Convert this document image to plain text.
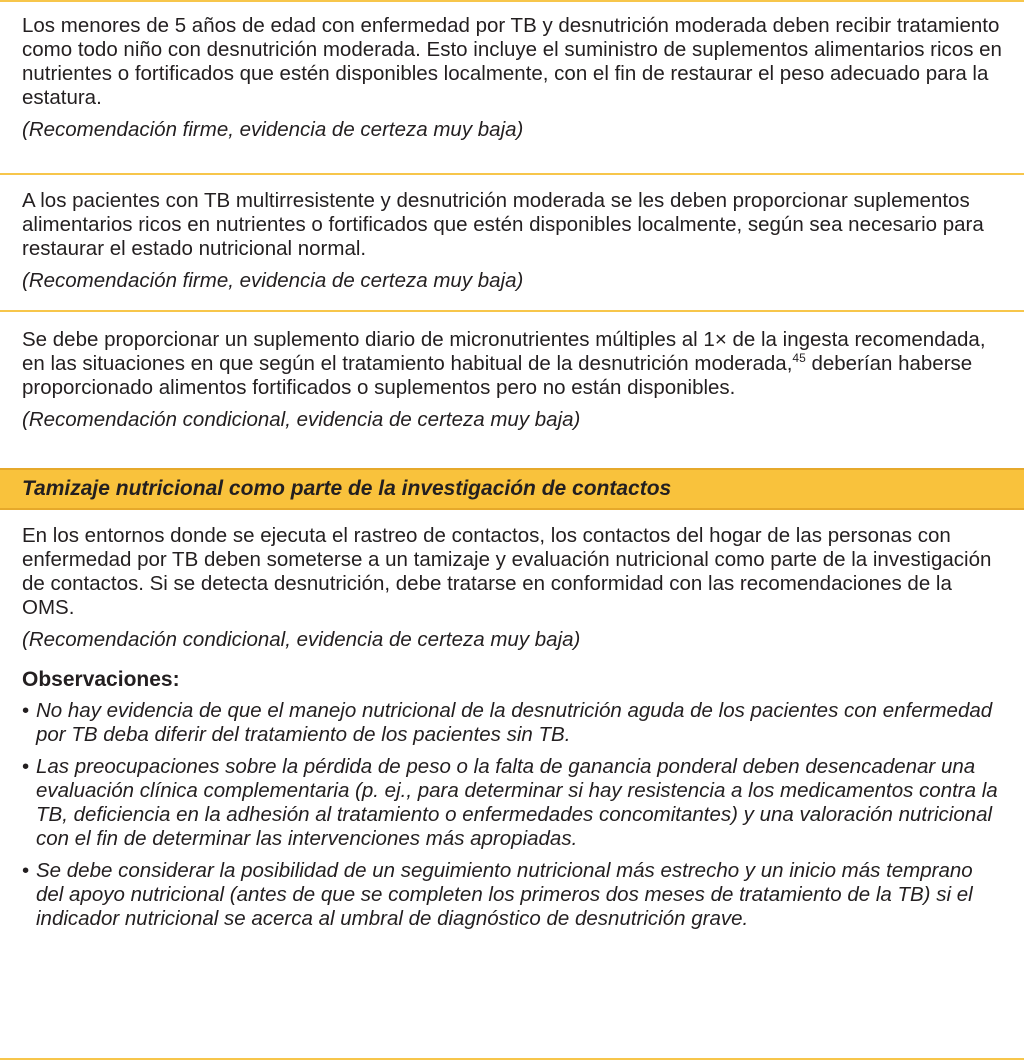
Los menores de 5 años de edad con enfermedad por TB y desnutrición moderada deben recibir tratamiento como todo niño con desnutrición moderada. Esto incluye el suministro de suplementos alimentarios ricos en nutrientes o fortificados que estén disponibles localmente, con el fin de restaurar el peso adecuado para la estatura.

(Recomendación firme, evidencia de certeza muy baja)

A los pacientes con TB multirresistente y desnutrición moderada se les deben proporcionar suplementos alimentarios ricos en nutrientes o fortificados que estén disponibles localmente, según sea necesario para restaurar el estado nutricional normal.

(Recomendación firme, evidencia de certeza muy baja)

Se debe proporcionar un suplemento diario de micronutrientes múltiples al 1× de la ingesta recomendada, en las situaciones en que según el tratamiento habitual de la desnutrición moderada,$^{45}$ deberían haberse proporcionado alimentos fortificados o suplementos pero no están disponibles.

(Recomendación condicional, evidencia de certeza muy baja)

Tamizaje nutricional como parte de la investigación de contactos

En los entornos donde se ejecuta el rastreo de contactos, los contactos del hogar de las personas con enfermedad por TB deben someterse a un tamizaje y evaluación nutricional como parte de la investigación de contactos. Si se detecta desnutrición, debe tratarse en conformidad con las recomendaciones de la OMS.

(Recomendación condicional, evidencia de certeza muy baja)

Observaciones:

• No hay evidencia de que el manejo nutricional de la desnutrición aguda de los pacientes con enfermedad por TB deba diferir del tratamiento de los pacientes sin TB.
• Las preocupaciones sobre la pérdida de peso o la falta de ganancia ponderal deben desencadenar una evaluación clínica complementaria (p. ej., para determinar si hay resistencia a los medicamentos contra la TB, deficiencia en la adhesión al tratamiento o enfermedades concomitantes) y una valoración nutricional con el fin de determinar las intervenciones más apropiadas.
• Se debe considerar la posibilidad de un seguimiento nutricional más estrecho y un inicio más temprano del apoyo nutricional (antes de que se completen los primeros dos meses de tratamiento de la TB) si el indicador nutricional se acerca al umbral de diagnóstico de desnutrición grave.
